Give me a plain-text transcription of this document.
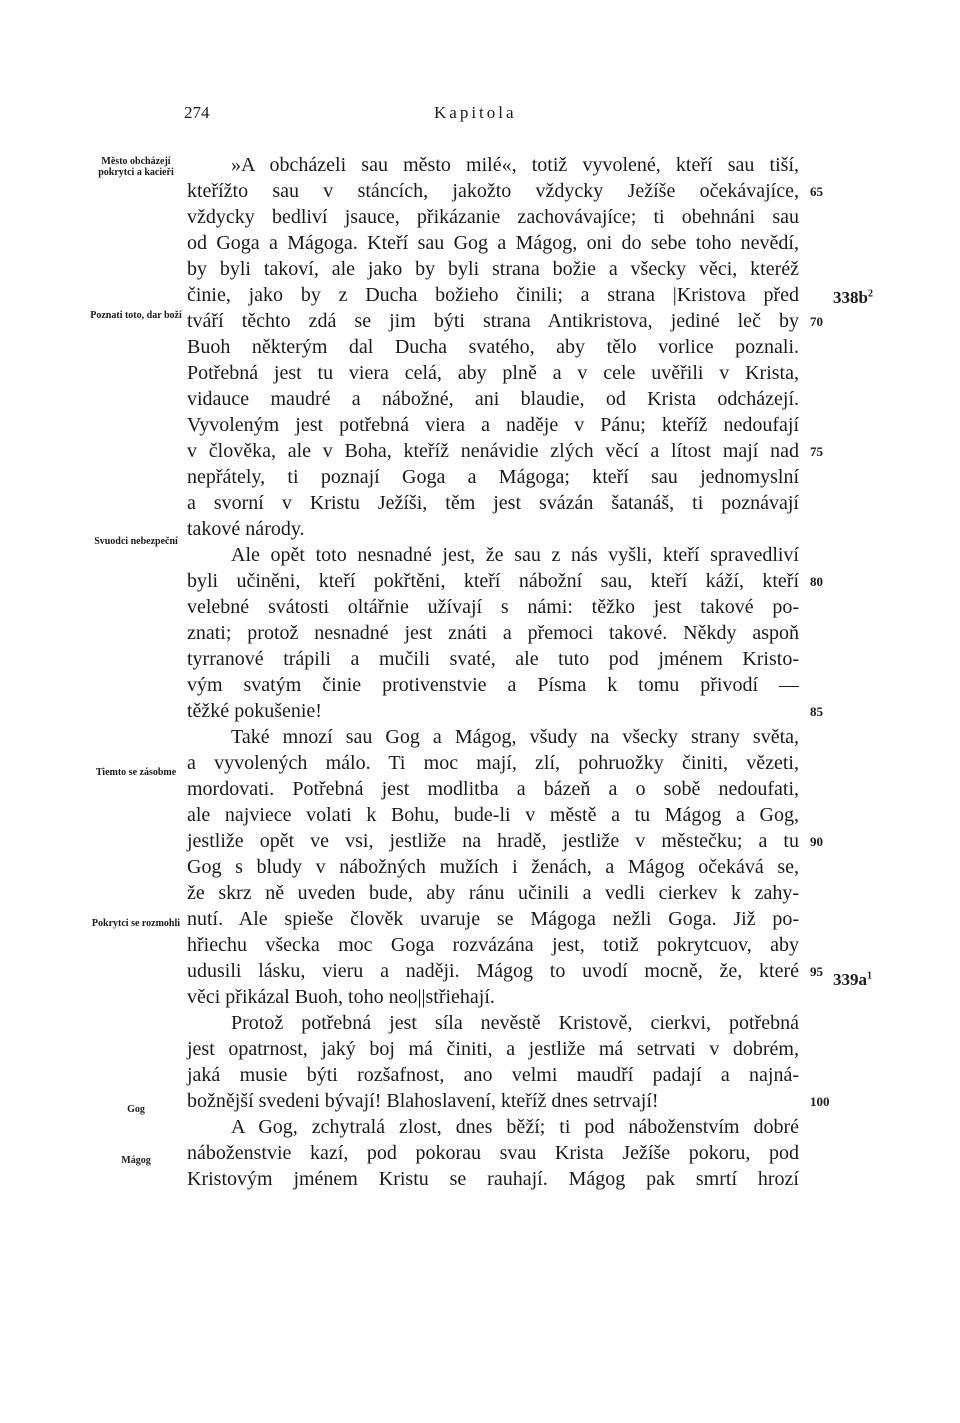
274	Kapitola
Město obcházejí pokrytci a kacieři
Poznati toto, dar boží
Svuodci nebezpeční
Tiemto se zásobme
Pokrytci se rozmohli
Gog
Mágog
»A obcházeli sau město milé«, totiž vyvolené, kteří sau tiší,
kteřížto sau v stáncích, jakožto vždycky Ježíše očekávajíce,
vždycky bedliví jsauce, přikázanie zachovávajíce; ti obehnáni sau
od Goga a Mágoga. Kteří sau Gog a Mágog, oni do sebe toho nevědí,
by byli takoví, ale jako by byli strana božie a všecky věci, kteréž
činie, jako by z Ducha božieho činili; a strana |Kristova před
tváří těchto zdá se jim býti strana Antikristova, jediné leč by
Buoh některým dal Ducha svatého, aby tělo vorlice poznali.
Potřebná jest tu viera celá, aby plně a v cele uvěřili v Krista,
vidauce maudré a nábožné, ani blaudie, od Krista odcházejí.
Vyvoleným jest potřebná viera a naděje v Pánu; kteříž nedoufají
v člověka, ale v Boha, kteříž nenávidie zlých věcí a lítost mají nad
nepřátely, ti poznají Goga a Mágoga; kteří sau jednomyslní
a svorní v Kristu Ježíši, těm jest svázán šatanáš, ti poznávají
takové národy.
Ale opět toto nesnadné jest, že sau z nás vyšli, kteří spravedliví
byli učiněni, kteří pokřtěni, kteří nábožní sau, kteří káží, kteří
velebné svátosti oltářnie užívají s námi: těžko jest takové po-
znati; protož nesnadné jest znáti a přemoci takové. Někdy aspoň
tyrranové trápili a mučili svaté, ale tuto pod jménem Kristo-
vým svatým činie protivenstvie a Písma k tomu přivodí —
těžké pokušenie!
Také mnozí sau Gog a Mágog, všudy na všecky strany světa,
a vyvolených málo. Ti moc mají, zlí, pohruožky činiti, vězeti,
mordovati. Potřebná jest modlitba a bázeň a o sobě nedoufati,
ale najviece volati k Bohu, bude-li v městě a tu Mágog a Gog,
jestliže opět ve vsi, jestliže na hradě, jestliže v městečku; a tu
Gog s bludy v nábožných mužích i ženách, a Mágog očekává se,
že skrz ně uveden bude, aby ránu učinili a vedli cierkev k zahy-
nutí. Ale spieše člověk uvaruje se Mágoga nežli Goga. Již po-
hřiechu všecka moc Goga rozvázána jest, totiž pokrytcuov, aby
udusili lásku, vieru a naději. Mágog to uvodí mocně, že, které
věci přikázal Buoh, toho neo||střiehají.
Protož potřebná jest síla nevěstě Kristově, cierkvi, potřebná
jest opatrnost, jaký boj má činiti, a jestliže má setrvati v dobrém,
jaká musie býti rozšafnost, ano velmi maudří padají a najná-
božnější svedeni bývají! Blahoslavení, kteříž dnes setrvají!
A Gog, zchytralá zlost, dnes běží; ti pod náboženstvím dobré
náboženstvie kazí, pod pokorau svau Krista Ježíše pokoru, pod
Kristovým jménem Kristu se rauhají. Mágog pak smrtí hrozí
65
70
75
80
85
90
95
100
$338b^2$
$339a^1$
